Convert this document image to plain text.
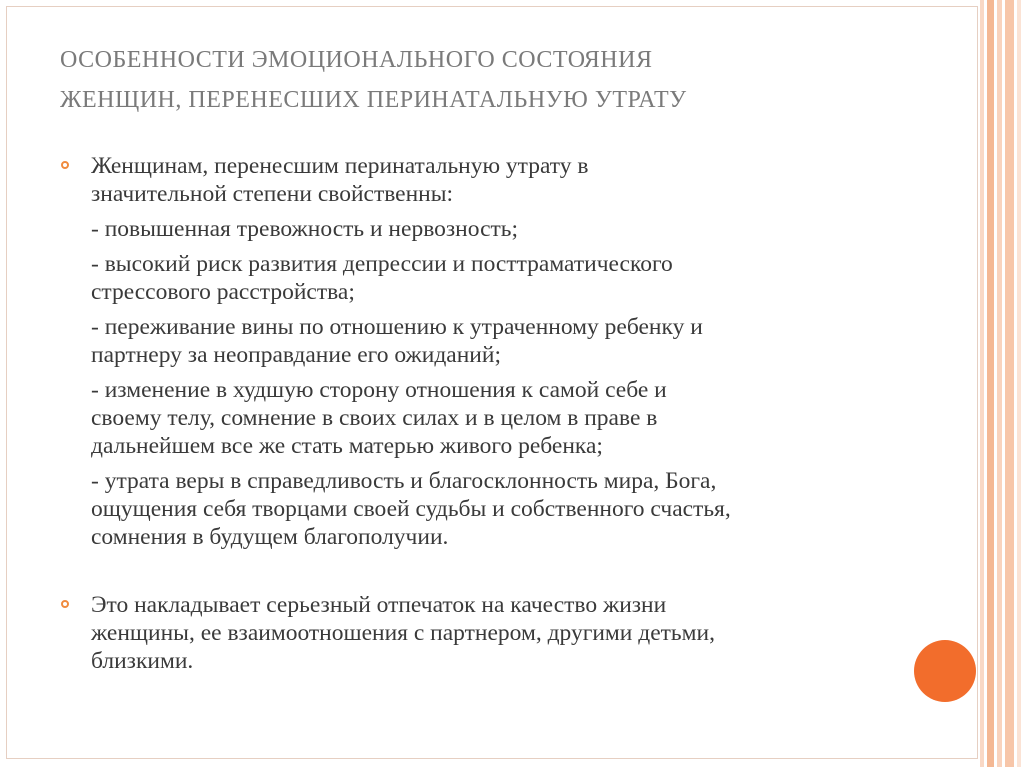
ОСОБЕННОСТИ ЭМОЦИОНАЛЬНОГО СОСТОЯНИЯ
ЖЕНЩИН, ПЕРЕНЕСШИХ ПЕРИНАТАЛЬНУЮ УТРАТУ
Женщинам, перенесшим перинатальную утрату в
значительной степени свойственны:
- повышенная тревожность и нервозность;
- высокий риск развития депрессии и посттраматического
стрессового расстройства;
- переживание вины по отношению к утраченному ребенку и
партнеру за неоправдание его ожиданий;
- изменение в худшую сторону отношения к самой себе и
своему телу, сомнение в своих силах и в целом в праве в
дальнейшем все же стать матерью живого ребенка;
- утрата веры в справедливость и благосклонность мира, Бога,
ощущения себя творцами своей судьбы и собственного счастья,
сомнения в будущем благополучии.
Это накладывает серьезный отпечаток на качество жизни
женщины, ее взаимоотношения с партнером, другими детьми,
близкими.
